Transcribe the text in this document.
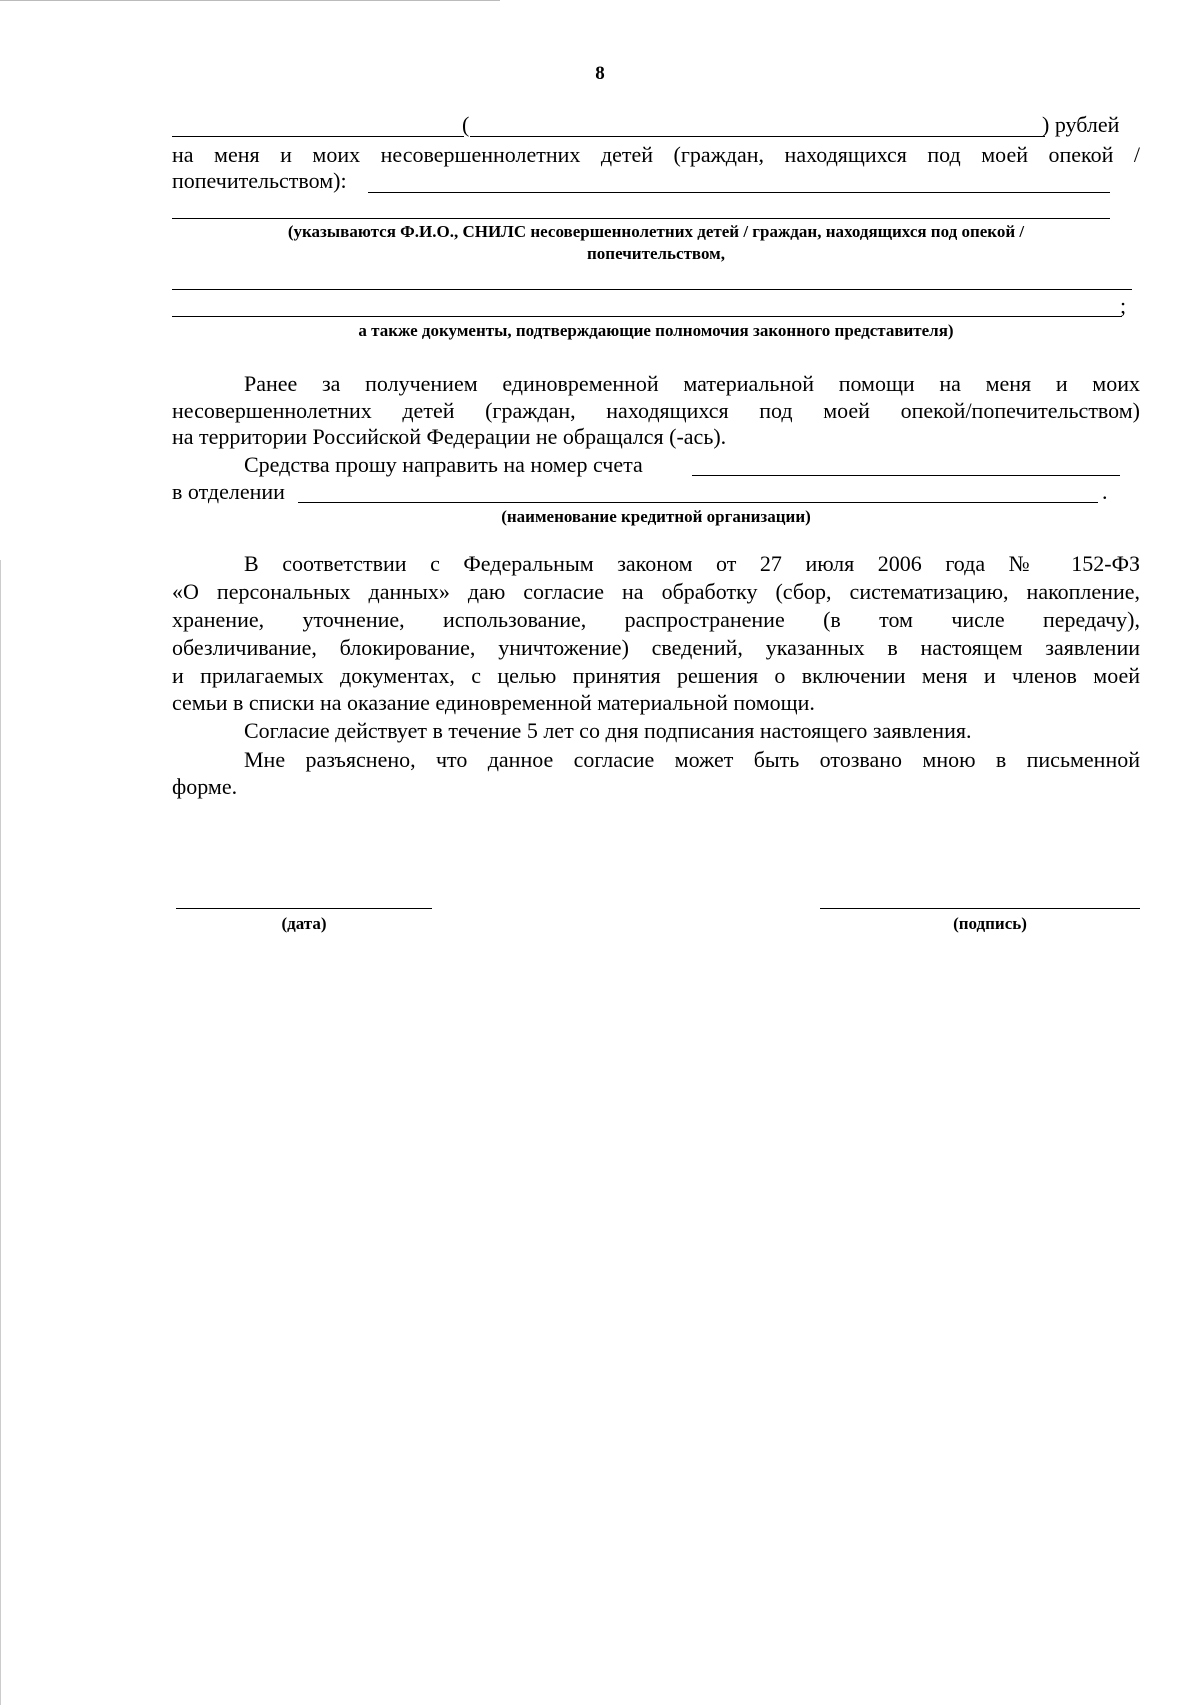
8
(	) рублей
на меня и моих несовершеннолетних детей (граждан, находящихся под моей опекой /
попечительством):
(указываются Ф.И.О., СНИЛС несовершеннолетних детей / граждан, находящихся под опекой /
попечительством,
;
а также документы, подтверждающие полномочия законного представителя)
Ранее за получением единовременной материальной помощи на меня и моих
несовершеннолетних детей (граждан, находящихся под моей опекой/попечительством)
на территории Российской Федерации не обращался (-ась).
Средства прошу направить на номер счета
в отделении	.
(наименование кредитной организации)
В соответствии с Федеральным законом от 27 июля 2006 года № 152-ФЗ
«О персональных данных» даю согласие на обработку (сбор, систематизацию, накопление,
хранение, уточнение, использование, распространение (в том числе передачу),
обезличивание, блокирование, уничтожение) сведений, указанных в настоящем заявлении
и прилагаемых документах, с целью принятия решения о включении меня и членов моей
семьи в списки на оказание единовременной материальной помощи.
Согласие действует в течение 5 лет со дня подписания настоящего заявления.
Мне разъяснено, что данное согласие может быть отозвано мною в письменной
форме.
(дата)	(подпись)
